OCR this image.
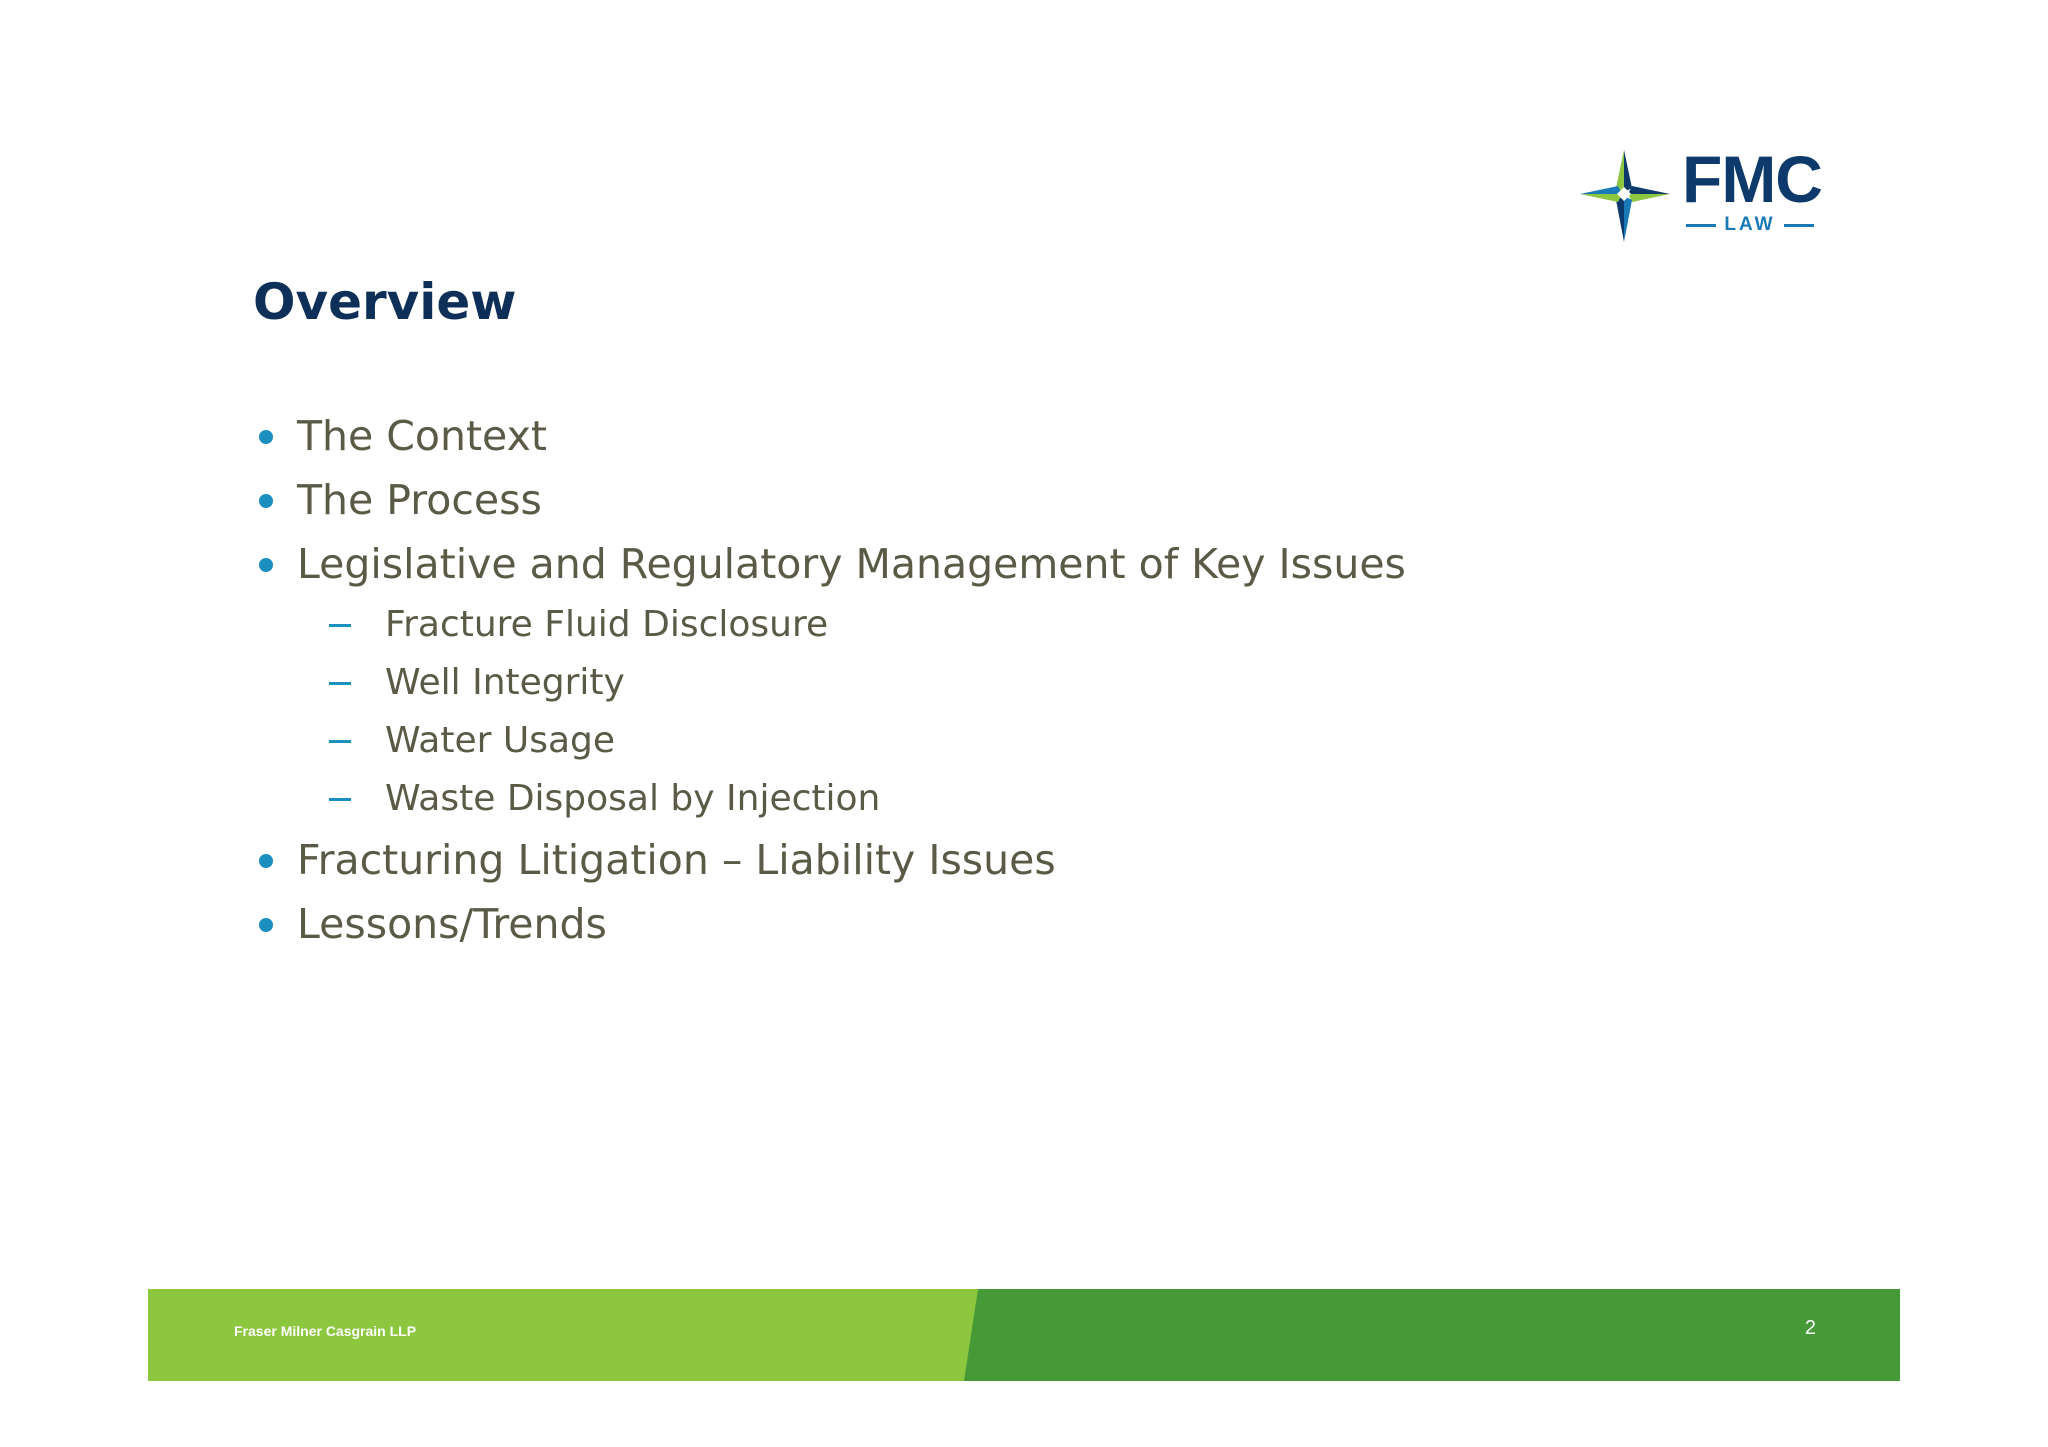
FMC
LAW
Overview
The Context
The Process
Legislative and Regulatory Management of Key Issues
Fracture Fluid Disclosure
Well Integrity
Water Usage
Waste Disposal by Injection
Fracturing Litigation – Liability Issues
Lessons/Trends
Fraser Milner Casgrain LLP	2
